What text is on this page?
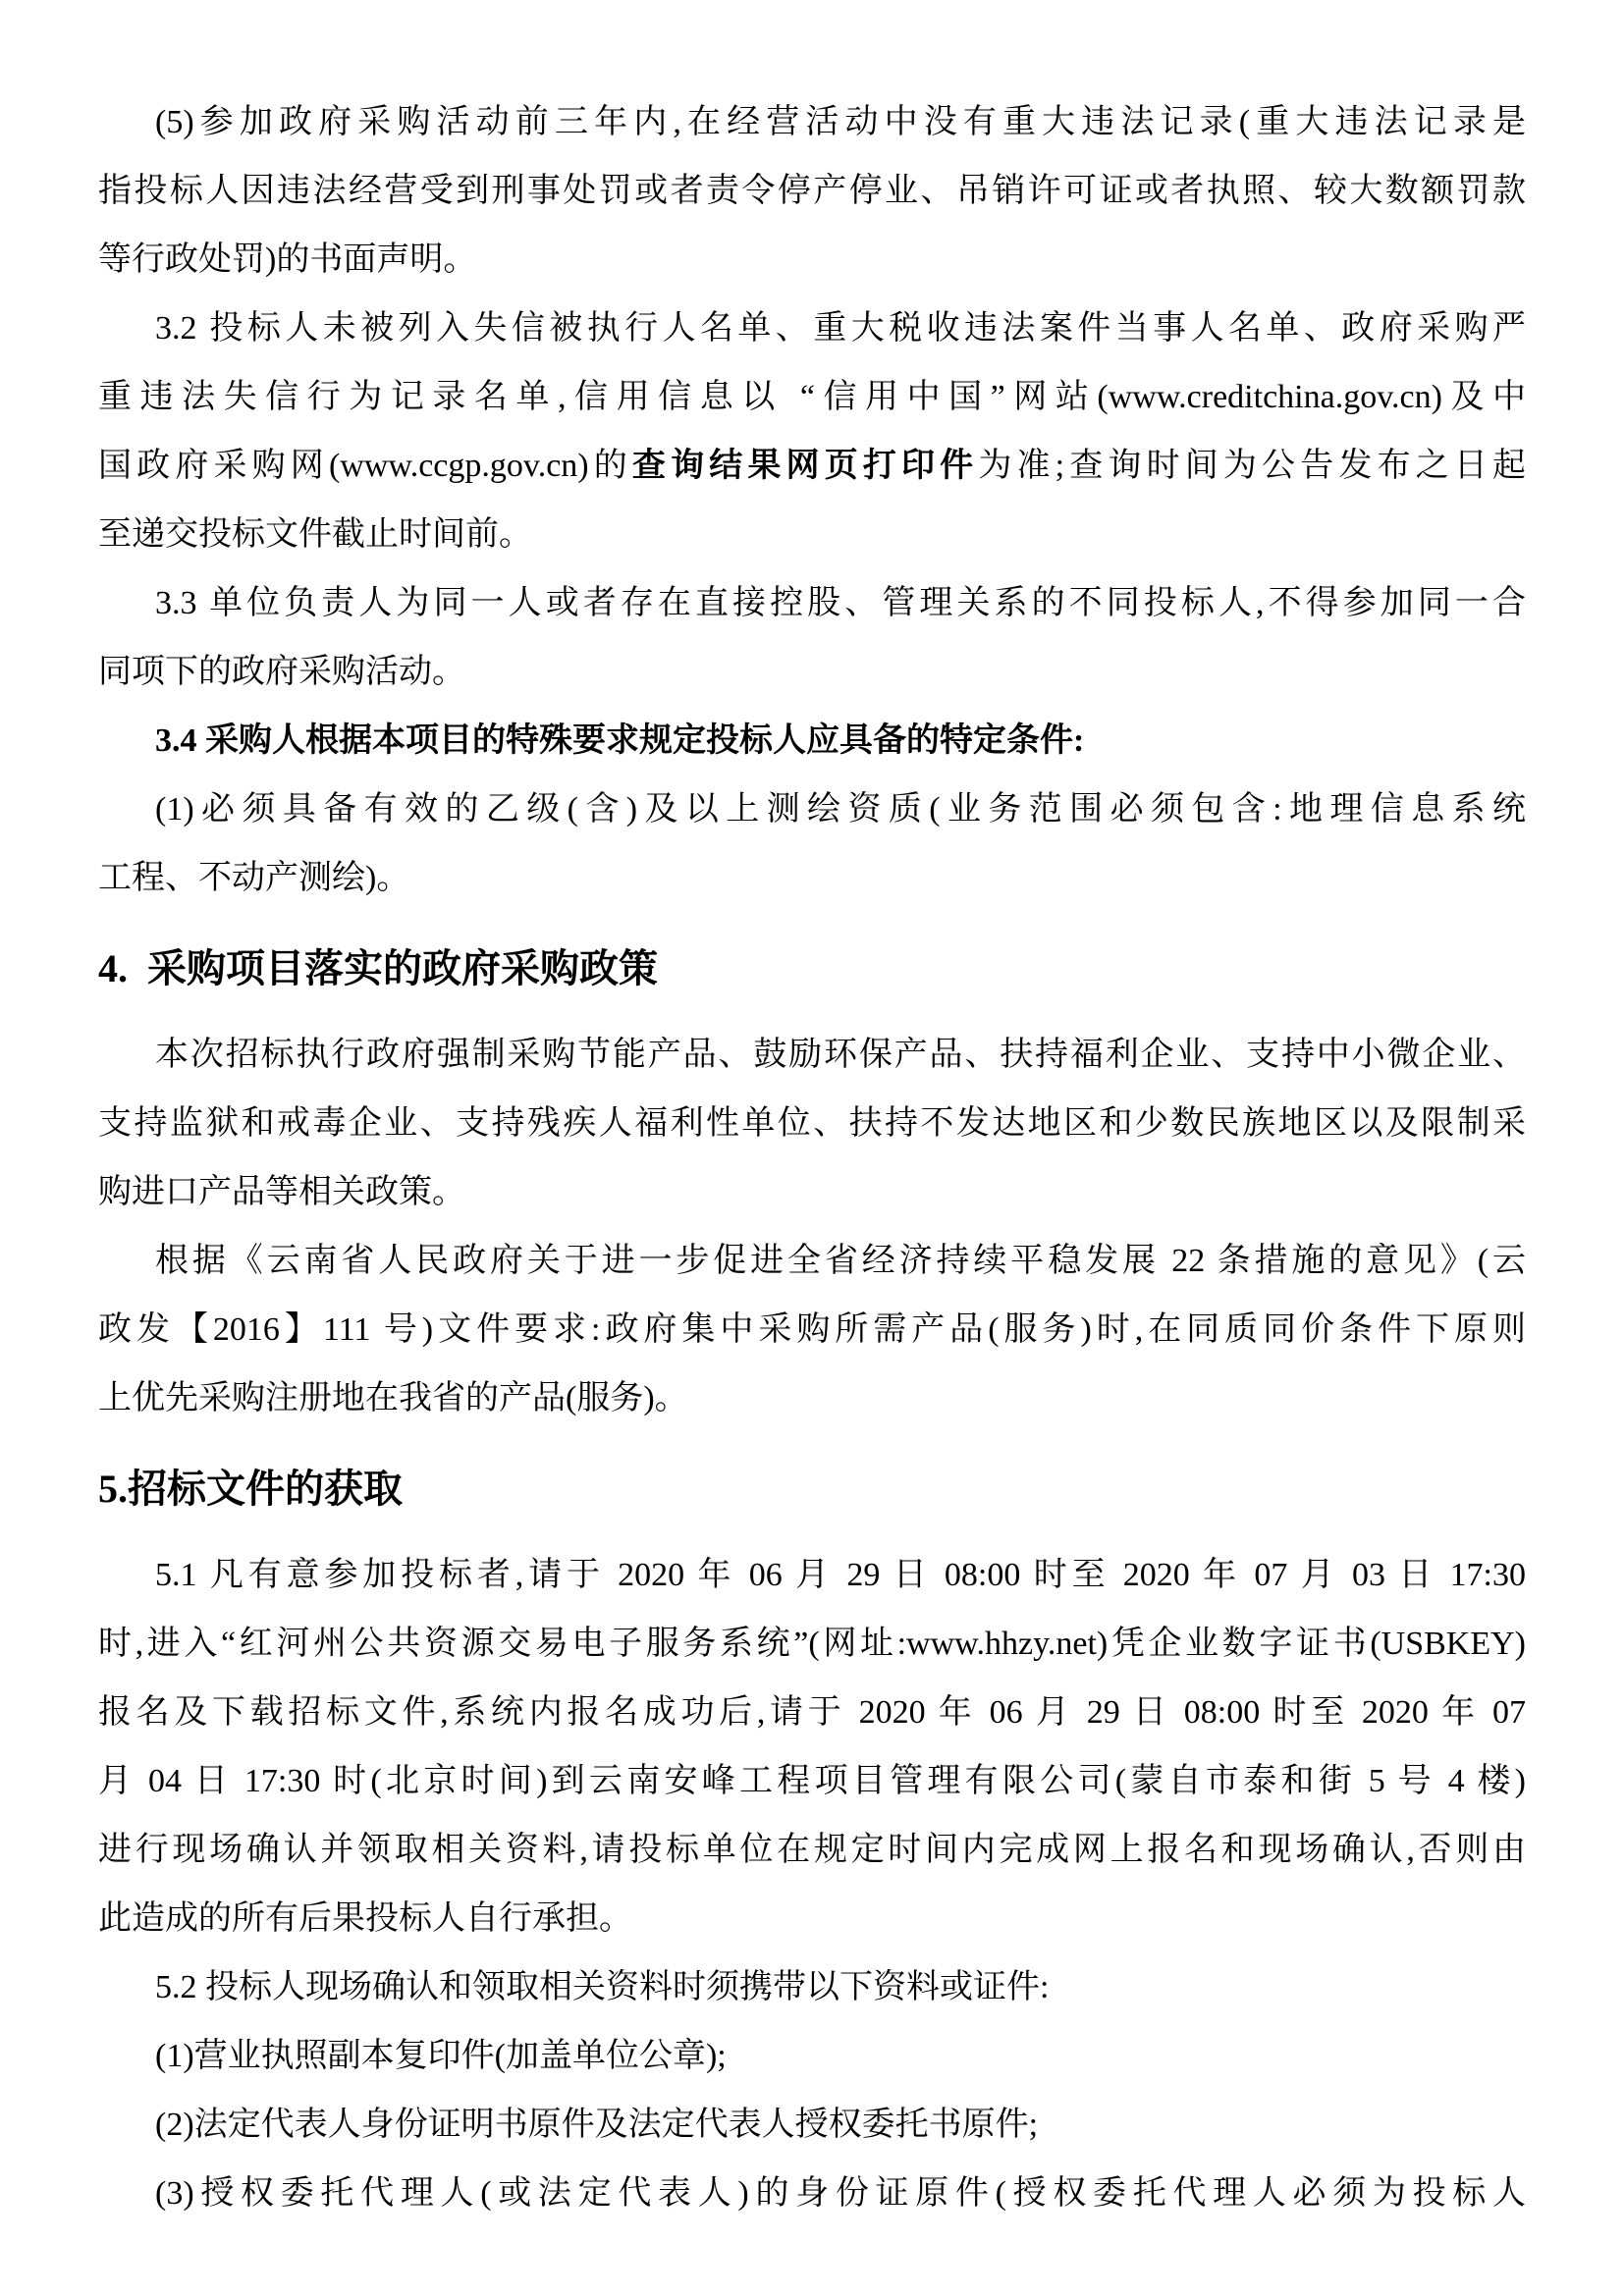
(5)参加政府采购活动前三年内,在经营活动中没有重大违法记录(重大违法记录是
指投标人因违法经营受到刑事处罚或者责令停产停业、吊销许可证或者执照、较大数额罚款
等行政处罚)的书面声明。
3.2 投标人未被列入失信被执行人名单、重大税收违法案件当事人名单、政府采购严
重违法失信行为记录名单,信用信息以 “信用中国”网站(www.creditchina.gov.cn)及中
国政府采购网(www.ccgp.gov.cn)的查询结果网页打印件为准;查询时间为公告发布之日起
至递交投标文件截止时间前。
3.3 单位负责人为同一人或者存在直接控股、管理关系的不同投标人,不得参加同一合
同项下的政府采购活动。
3.4 采购人根据本项目的特殊要求规定投标人应具备的特定条件:
(1)必须具备有效的乙级(含)及以上测绘资质(业务范围必须包含:地理信息系统
工程、不动产测绘)。
4.  采购项目落实的政府采购政策
本次招标执行政府强制采购节能产品、鼓励环保产品、扶持福利企业、支持中小微企业、
支持监狱和戒毒企业、支持残疾人福利性单位、扶持不发达地区和少数民族地区以及限制采
购进口产品等相关政策。
根据《云南省人民政府关于进一步促进全省经济持续平稳发展 22 条措施的意见》(云
政发【2016】111 号)文件要求:政府集中采购所需产品(服务)时,在同质同价条件下原则
上优先采购注册地在我省的产品(服务)。
5.招标文件的获取
5.1 凡有意参加投标者,请于 2020 年 06 月 29 日 08:00 时至 2020 年 07 月 03 日 17:30
时,进入“红河州公共资源交易电子服务系统”(网址:www.hhzy.net)凭企业数字证书(USBKEY)
报名及下载招标文件,系统内报名成功后,请于 2020 年 06 月 29 日 08:00 时至 2020 年 07
月 04 日 17:30 时(北京时间)到云南安峰工程项目管理有限公司(蒙自市泰和街 5 号 4 楼)
进行现场确认并领取相关资料,请投标单位在规定时间内完成网上报名和现场确认,否则由
此造成的所有后果投标人自行承担。
5.2 投标人现场确认和领取相关资料时须携带以下资料或证件:
(1)营业执照副本复印件(加盖单位公章);
(2)法定代表人身份证明书原件及法定代表人授权委托书原件;
(3)授权委托代理人(或法定代表人)的身份证原件(授权委托代理人必须为投标人
